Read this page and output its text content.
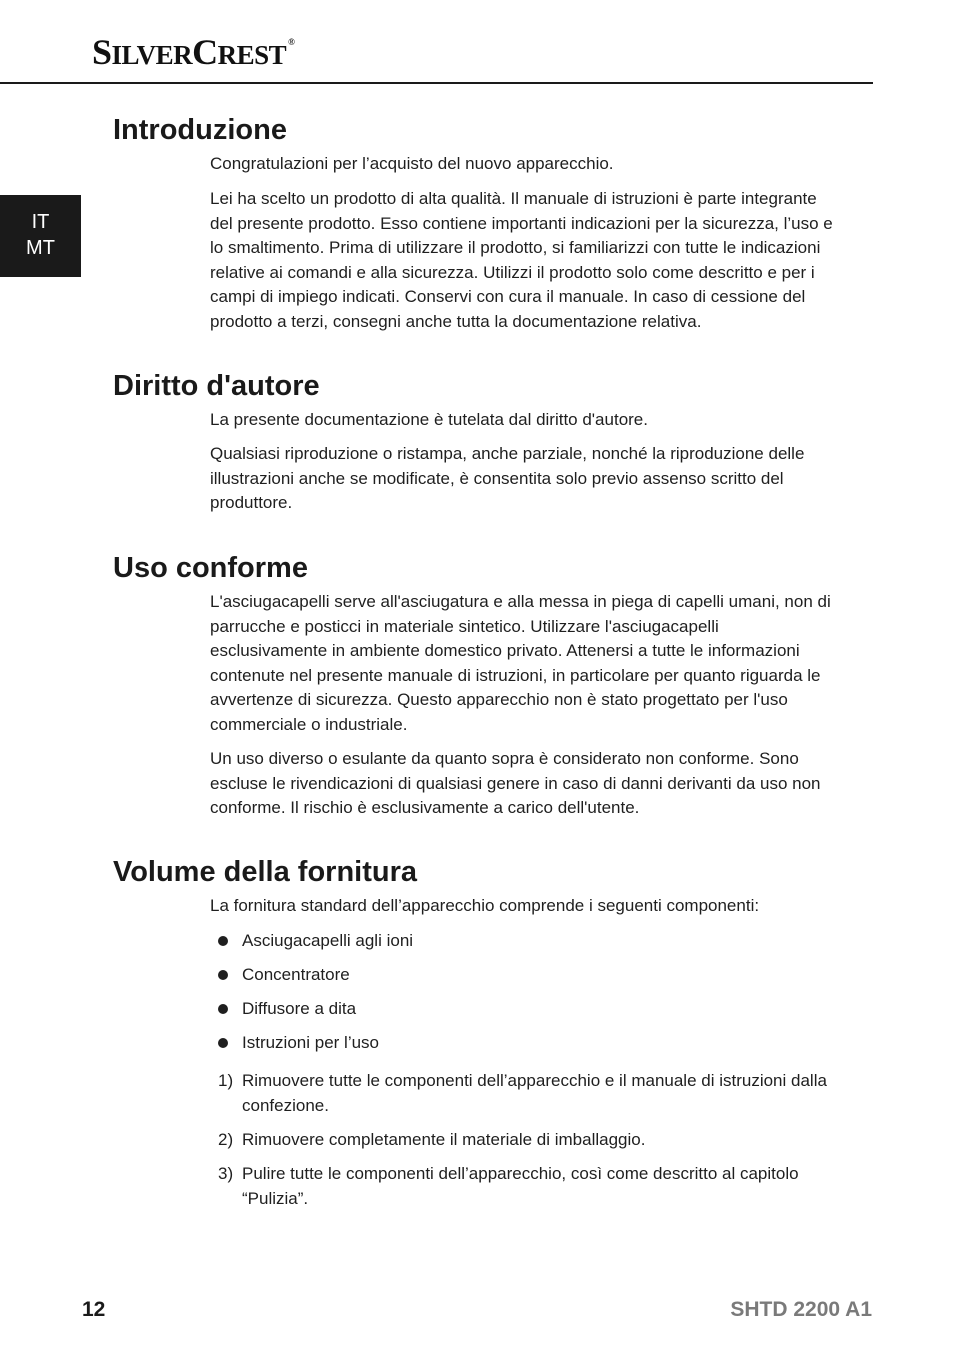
SILVERCREST ®
IT
MT
Introduzione

Congratulazioni per l’acquisto del nuovo apparecchio.

Lei ha scelto un prodotto di alta qualità. Il manuale di istruzioni è parte integrante del presente prodotto. Esso contiene importanti indicazioni per la sicurezza, l’uso e lo smaltimento. Prima di utilizzare il prodotto, si familiarizzi con tutte le indicazioni relative ai comandi e alla sicurezza. Utilizzi il prodotto solo come descritto e per i campi di impiego indicati. Conservi con cura il manuale. In caso di cessione del prodotto a terzi, consegni anche tutta la documentazione relativa.

Diritto d'autore

La presente documentazione è tutelata dal diritto d'autore.

Qualsiasi riproduzione o ristampa, anche parziale, nonché la riproduzione delle illustrazioni anche se modificate, è consentita solo previo assenso scritto del produttore.

Uso conforme

L'asciugacapelli serve all'asciugatura e alla messa in piega di capelli umani, non di parrucche e posticci in materiale sintetico. Utilizzare l'asciugacapelli esclusivamente in ambiente domestico privato. Attenersi a tutte le informazioni contenute nel presente manuale di istruzioni, in particolare per quanto riguarda le avvertenze di sicurezza. Questo apparecchio non è stato progettato per l'uso commerciale o industriale.

Un uso diverso o esulante da quanto sopra è considerato non conforme. Sono escluse le rivendicazioni di qualsiasi genere in caso di danni derivanti da uso non conforme. Il rischio è esclusivamente a carico dell'utente.

Volume della fornitura

La fornitura standard dell’apparecchio comprende i seguenti componenti:

Asciugacapelli agli ioni
Concentratore
Diffusore a dita
Istruzioni per l’uso
1) Rimuovere tutte le componenti dell’apparecchio e il manuale di istruzioni dalla confezione.
2) Rimuovere completamente il materiale di imballaggio.
3) Pulire tutte le componenti dell’apparecchio, così come descritto al capitolo “Pulizia”.
12	SHTD 2200 A1
